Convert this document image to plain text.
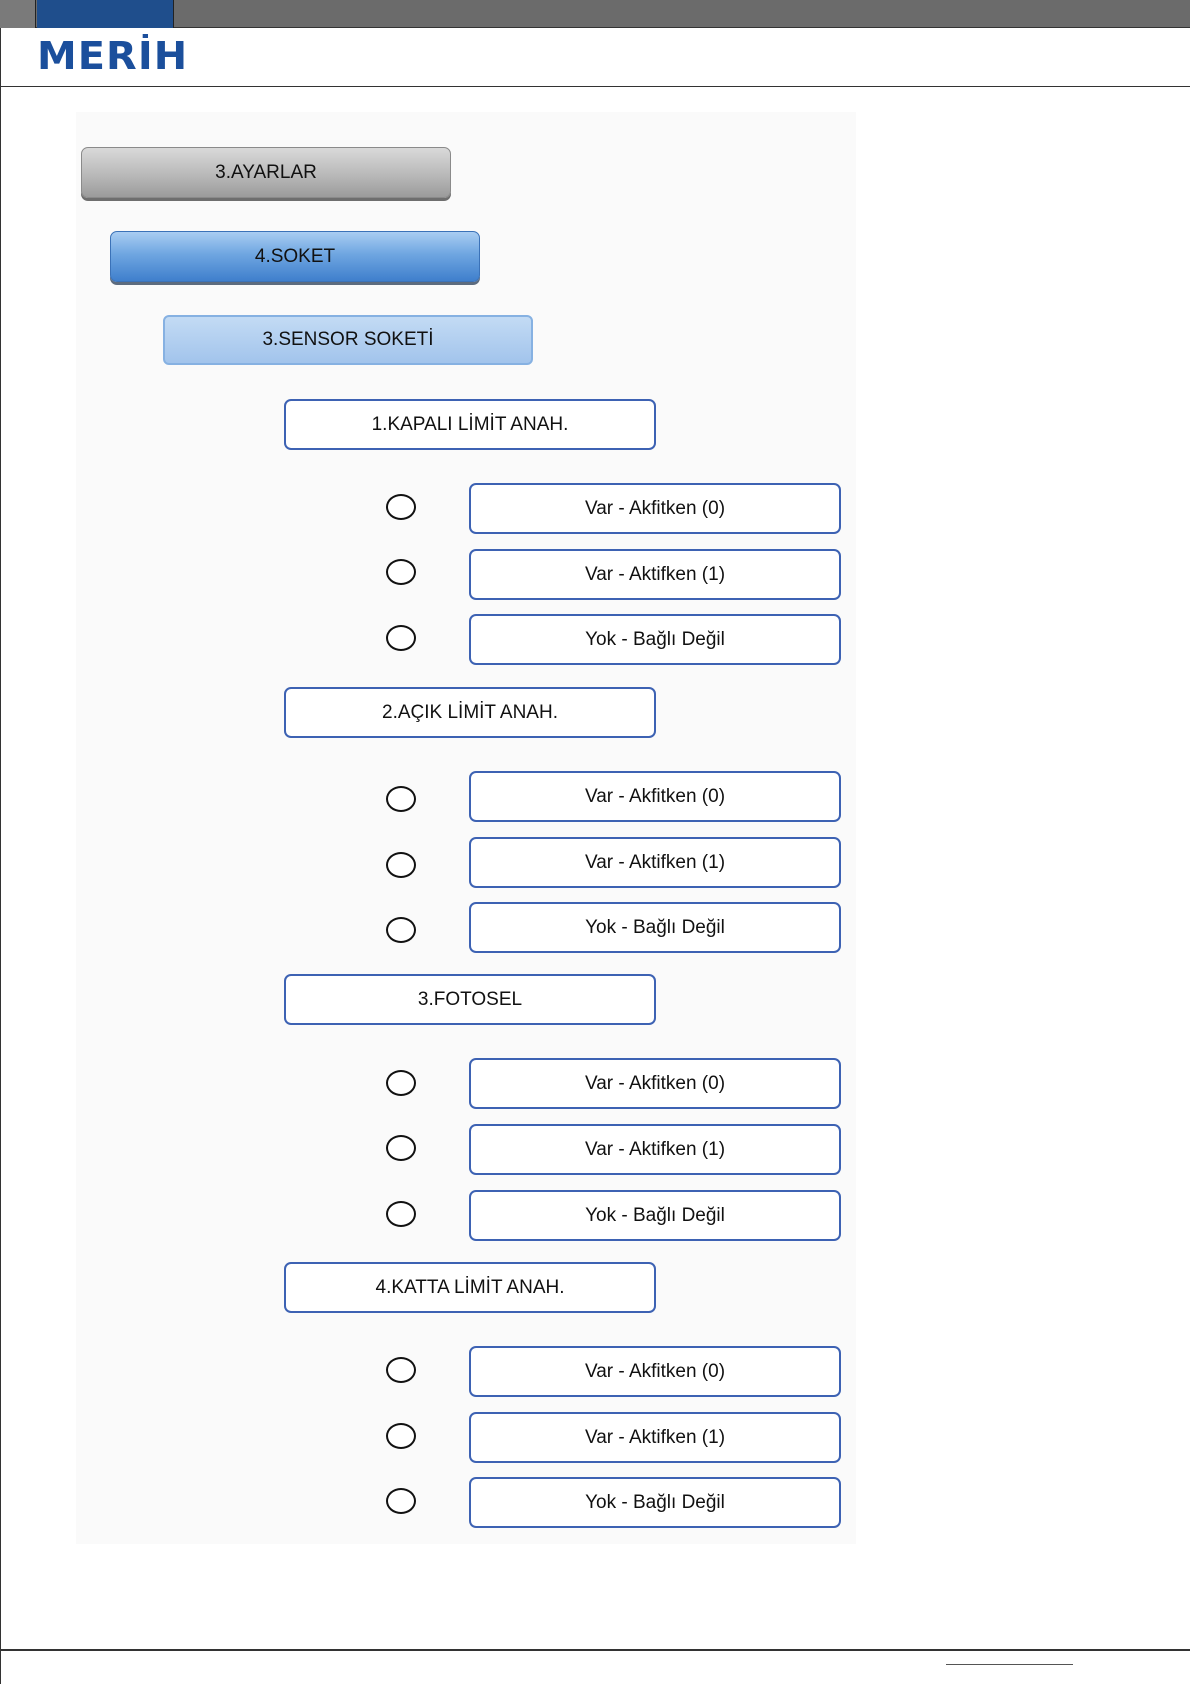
MERİH
3.AYARLAR
4.SOKET
3.SENSOR SOKETİ
1.KAPALI LİMİT ANAH.
Var - Akfitken (0)
Var - Aktifken (1)
Yok - Bağlı Değil
2.AÇIK LİMİT ANAH.
Var - Akfitken (0)
Var - Aktifken (1)
Yok - Bağlı Değil
3.FOTOSEL
Var - Akfitken (0)
Var - Aktifken (1)
Yok - Bağlı Değil
4.KATTA LİMİT ANAH.
Var - Akfitken (0)
Var - Aktifken (1)
Yok - Bağlı Değil
